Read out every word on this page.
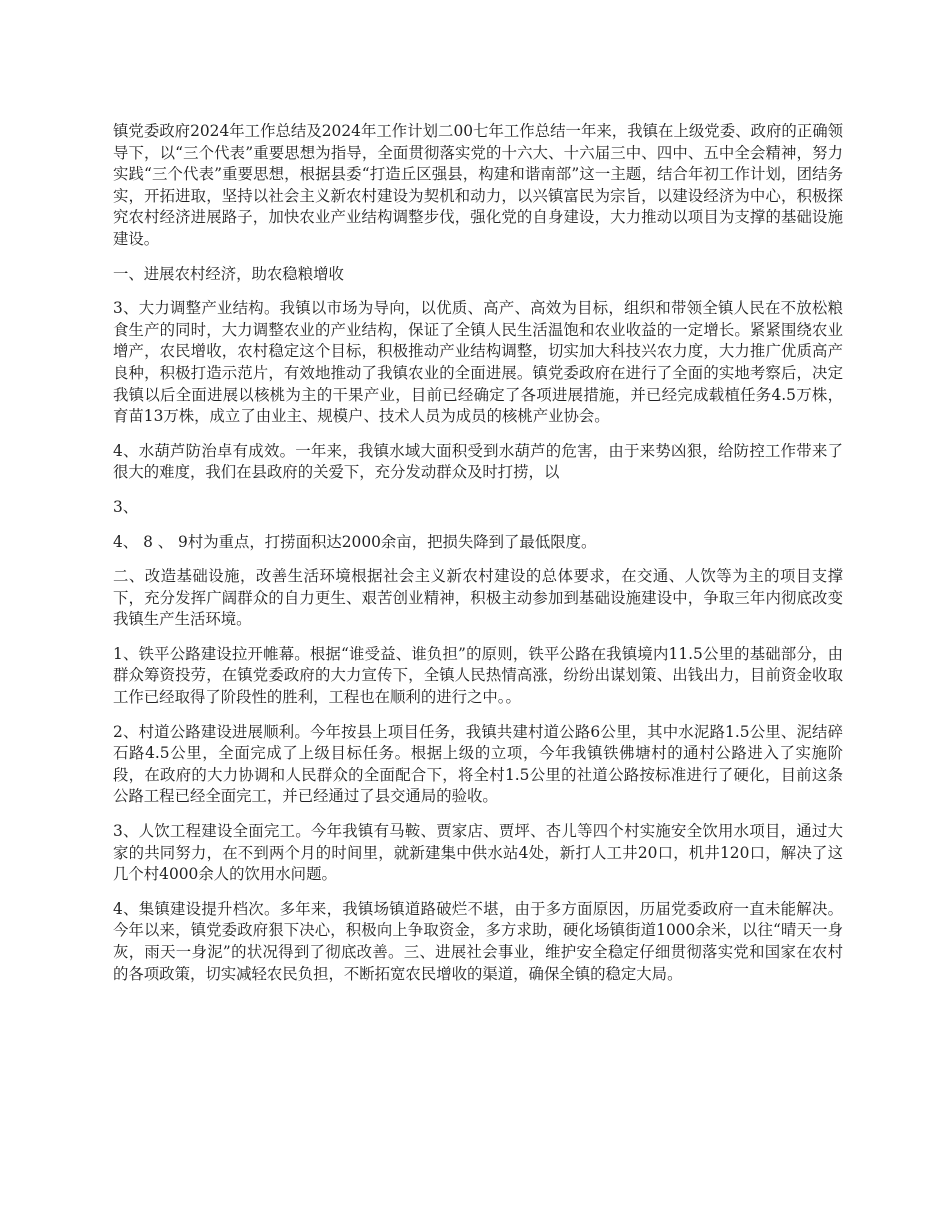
镇党委政府2024年工作总结及2024年工作计划二00七年工作总结一年来，我镇在上级党委、政府的正确领导下，以“三个代表”重要思想为指导，全面贯彻落实党的十六大、十六届三中、四中、五中全会精神，努力实践“三个代表”重要思想，根据县委“打造丘区强县，构建和谐南部”这一主题，结合年初工作计划，团结务实，开拓进取，坚持以社会主义新农村建设为契机和动力，以兴镇富民为宗旨，以建设经济为中心，积极探究农村经济进展路子，加快农业产业结构调整步伐，强化党的自身建设，大力推动以项目为支撑的基础设施建设。

一、进展农村经济，助农稳粮增收

3、大力调整产业结构。我镇以市场为导向，以优质、高产、高效为目标，组织和带领全镇人民在不放松粮食生产的同时，大力调整农业的产业结构，保证了全镇人民生活温饱和农业收益的一定增长。紧紧围绕农业增产，农民增收，农村稳定这个目标，积极推动产业结构调整，切实加大科技兴农力度，大力推广优质高产良种，积极打造示范片，有效地推动了我镇农业的全面进展。镇党委政府在进行了全面的实地考察后，决定我镇以后全面进展以核桃为主的干果产业，目前已经确定了各项进展措施，并已经完成载植任务4.5万株，育苗13万株，成立了由业主、规模户、技术人员为成员的核桃产业协会。

4、水葫芦防治卓有成效。一年来，我镇水域大面积受到水葫芦的危害，由于来势凶狠，给防控工作带来了很大的难度，我们在县政府的关爱下，充分发动群众及时打捞，以

3、

4、 8 、 9村为重点，打捞面积达2000余亩，把损失降到了最低限度。

二、改造基础设施，改善生活环境根据社会主义新农村建设的总体要求，在交通、人饮等为主的项目支撑下，充分发挥广阔群众的自力更生、艰苦创业精神，积极主动参加到基础设施建设中，争取三年内彻底改变我镇生产生活环境。

1、铁平公路建设拉开帷幕。根据“谁受益、谁负担”的原则，铁平公路在我镇境内11.5公里的基础部分，由群众筹资投劳，在镇党委政府的大力宣传下，全镇人民热情高涨，纷纷出谋划策、出钱出力，目前资金收取工作已经取得了阶段性的胜利，工程也在顺利的进行之中。。

2、村道公路建设进展顺利。今年按县上项目任务，我镇共建村道公路6公里，其中水泥路1.5公里、泥结碎石路4.5公里，全面完成了上级目标任务。根据上级的立项，今年我镇铁佛塘村的通村公路进入了实施阶段，在政府的大力协调和人民群众的全面配合下，将全村1.5公里的社道公路按标准进行了硬化，目前这条公路工程已经全面完工，并已经通过了县交通局的验收。

3、人饮工程建设全面完工。今年我镇有马鞍、贾家店、贾坪、杏儿等四个村实施安全饮用水项目，通过大家的共同努力，在不到两个月的时间里，就新建集中供水站4处，新打人工井20口，机井120口，解决了这几个村4000余人的饮用水问题。

4、集镇建设提升档次。多年来，我镇场镇道路破烂不堪，由于多方面原因，历届党委政府一直未能解决。今年以来，镇党委政府狠下决心，积极向上争取资金，多方求助，硬化场镇街道1000余米，以往“晴天一身灰，雨天一身泥”的状况得到了彻底改善。三、进展社会事业，维护安全稳定仔细贯彻落实党和国家在农村的各项政策，切实减轻农民负担，不断拓宽农民增收的渠道，确保全镇的稳定大局。
